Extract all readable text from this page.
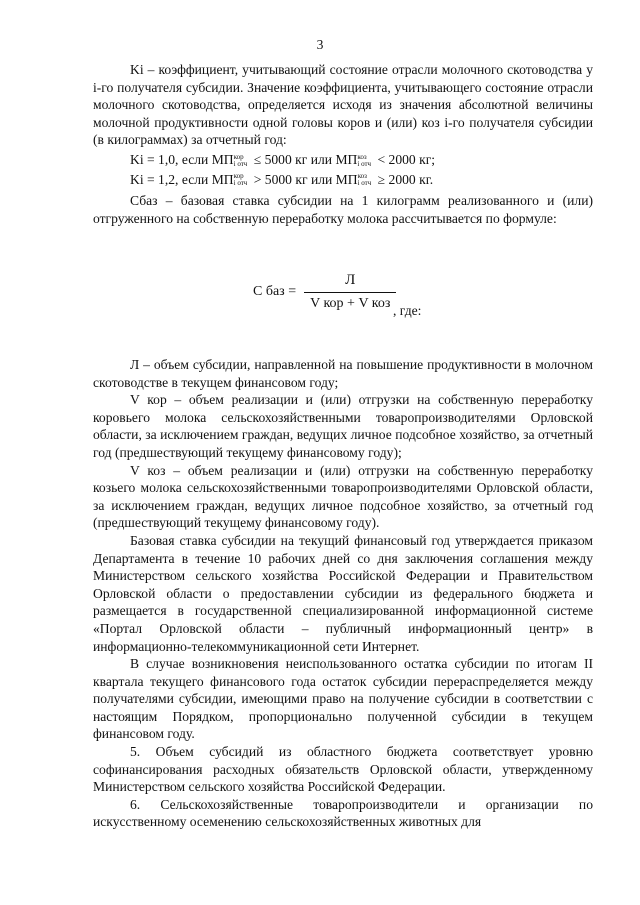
3

Ki – коэффициент, учитывающий состояние отрасли молочного скотоводства у i-го получателя субсидии. Значение коэффициента, учитывающего состояние отрасли молочного скотоводства, определяется исходя из значения абсолютной величины молочной продуктивности одной головы коров и (или) коз i-го получателя субсидии (в килограммах) за отчетный год:

Ki = 1,0, если МПкор
i отч ≤ 5000 кг или МПкоз
i отч < 2000 кг;
Ki = 1,2, если МПкор
i отч > 5000 кг или МПкоз
i отч ≥ 2000 кг.

Сбаз – базовая ставка субсидии на 1 килограмм реализованного и (или) отгруженного на собственную переработку молока рассчитывается по формуле:

С баз = $\frac{Л}{\text{V кор + V коз}}$
, где:

Л – объем субсидии, направленной на повышение продуктивности в молочном скотоводстве в текущем финансовом году;

V кор – объем реализации и (или) отгрузки на собственную переработку коровьего молока сельскохозяйственными товаропроизводителями Орловской области, за исключением граждан, ведущих личное подсобное хозяйство, за отчетный год (предшествующий текущему финансовому году);

V коз – объем реализации и (или) отгрузки на собственную переработку козьего молока сельскохозяйственными товаропроизводителями Орловской области, за исключением граждан, ведущих личное подсобное хозяйство, за отчетный год (предшествующий текущему финансовому году).

Базовая ставка субсидии на текущий финансовый год утверждается приказом Департамента в течение 10 рабочих дней со дня заключения соглашения между Министерством сельского хозяйства Российской Федерации и Правительством Орловской области о предоставлении субсидии из федерального бюджета и размещается в государственной специализированной информационной системе «Портал Орловской области – публичный информационный центр» в информационно-телекоммуникационной сети Интернет.

В случае возникновения неиспользованного остатка субсидии по итогам II квартала текущего финансового года остаток субсидии перераспределяется между получателями субсидии, имеющими право на получение субсидии в соответствии с настоящим Порядком, пропорционально полученной субсидии в текущем финансовом году.

5. Объем субсидий из областного бюджета соответствует уровню софинансирования расходных обязательств Орловской области, утвержденному Министерством сельского хозяйства Российской Федерации.

6. Сельскохозяйственные товаропроизводители и организации по искусственному осеменению сельскохозяйственных животных для
